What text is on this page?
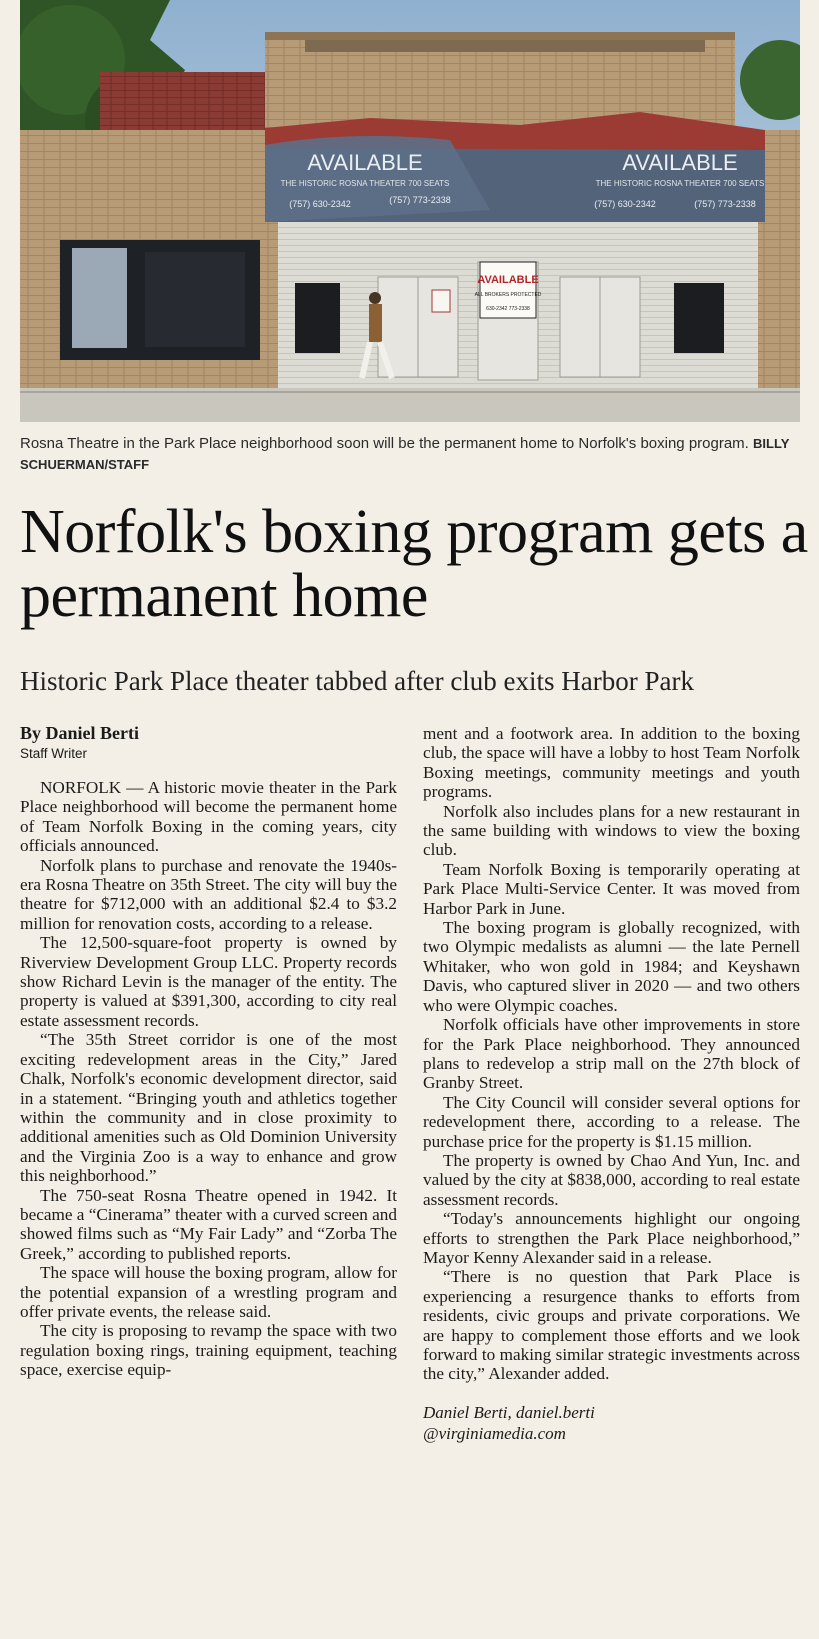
AVAILABLE
ALL BROKERS PROTECTED
630-2342 773-2338
AVAILABLE
THE HISTORIC ROSNA THEATER 700 SEATS
(757) 630-2342	(757) 773-2338
AVAILABLE
THE HISTORIC ROSNA THEATER 700 SEATS
(757) 630-2342	(757) 773-2338
Rosna Theatre in the Park Place neighborhood soon will be the permanent home to Norfolk's boxing program. BILLY SCHUERMAN/STAFF
Norfolk's boxing program gets a permanent home
Historic Park Place theater tabbed after club exits Harbor Park
By Daniel Berti
Staff Writer

NORFOLK — A historic movie theater in the Park Place neighborhood will become the permanent home of Team Norfolk Boxing in the coming years, city officials announced.

Norfolk plans to purchase and renovate the 1940s-era Rosna Theatre on 35th Street. The city will buy the theatre for $712,000 with an additional $2.4 to $3.2 million for renovation costs, according to a release.

The 12,500-square-foot property is owned by Riverview Development Group LLC. Property records show Richard Levin is the manager of the entity. The property is valued at $391,300, according to city real estate assessment records.

“The 35th Street corridor is one of the most exciting redevelopment areas in the City,” Jared Chalk, Norfolk's economic development director, said in a statement. “Bringing youth and athletics together within the community and in close proximity to additional amenities such as Old Dominion University and the Virginia Zoo is a way to enhance and grow this neighborhood.”

The 750-seat Rosna Theatre opened in 1942. It became a “Cinerama” theater with a curved screen and showed films such as “My Fair Lady” and “Zorba The Greek,” according to published reports.

The space will house the boxing program, allow for the potential expansion of a wrestling program and offer private events, the release said.

The city is proposing to revamp the space with two regulation boxing rings, training equipment, teaching space, exercise equip-

ment and a footwork area. In addition to the boxing club, the space will have a lobby to host Team Norfolk Boxing meetings, community meetings and youth programs.

Norfolk also includes plans for a new restaurant in the same building with windows to view the boxing club.

Team Norfolk Boxing is temporarily operating at Park Place Multi-Service Center. It was moved from Harbor Park in June.

The boxing program is globally recognized, with two Olympic medalists as alumni — the late Pernell Whitaker, who won gold in 1984; and Keyshawn Davis, who captured sliver in 2020 — and two others who were Olympic coaches.

Norfolk officials have other improvements in store for the Park Place neighborhood. They announced plans to redevelop a strip mall on the 27th block of Granby Street.

The City Council will consider several options for redevelopment there, according to a release. The purchase price for the property is $1.15 million.

The property is owned by Chao And Yun, Inc. and valued by the city at $838,000, according to real estate assessment records.

“Today's announcements highlight our ongoing efforts to strengthen the Park Place neighborhood,” Mayor Kenny Alexander said in a release.

“There is no question that Park Place is experiencing a resurgence thanks to efforts from residents, civic groups and private corporations. We are happy to complement those efforts and we look forward to making similar strategic investments across the city,” Alexander added.

Daniel Berti, daniel.berti
@virginiamedia.com
